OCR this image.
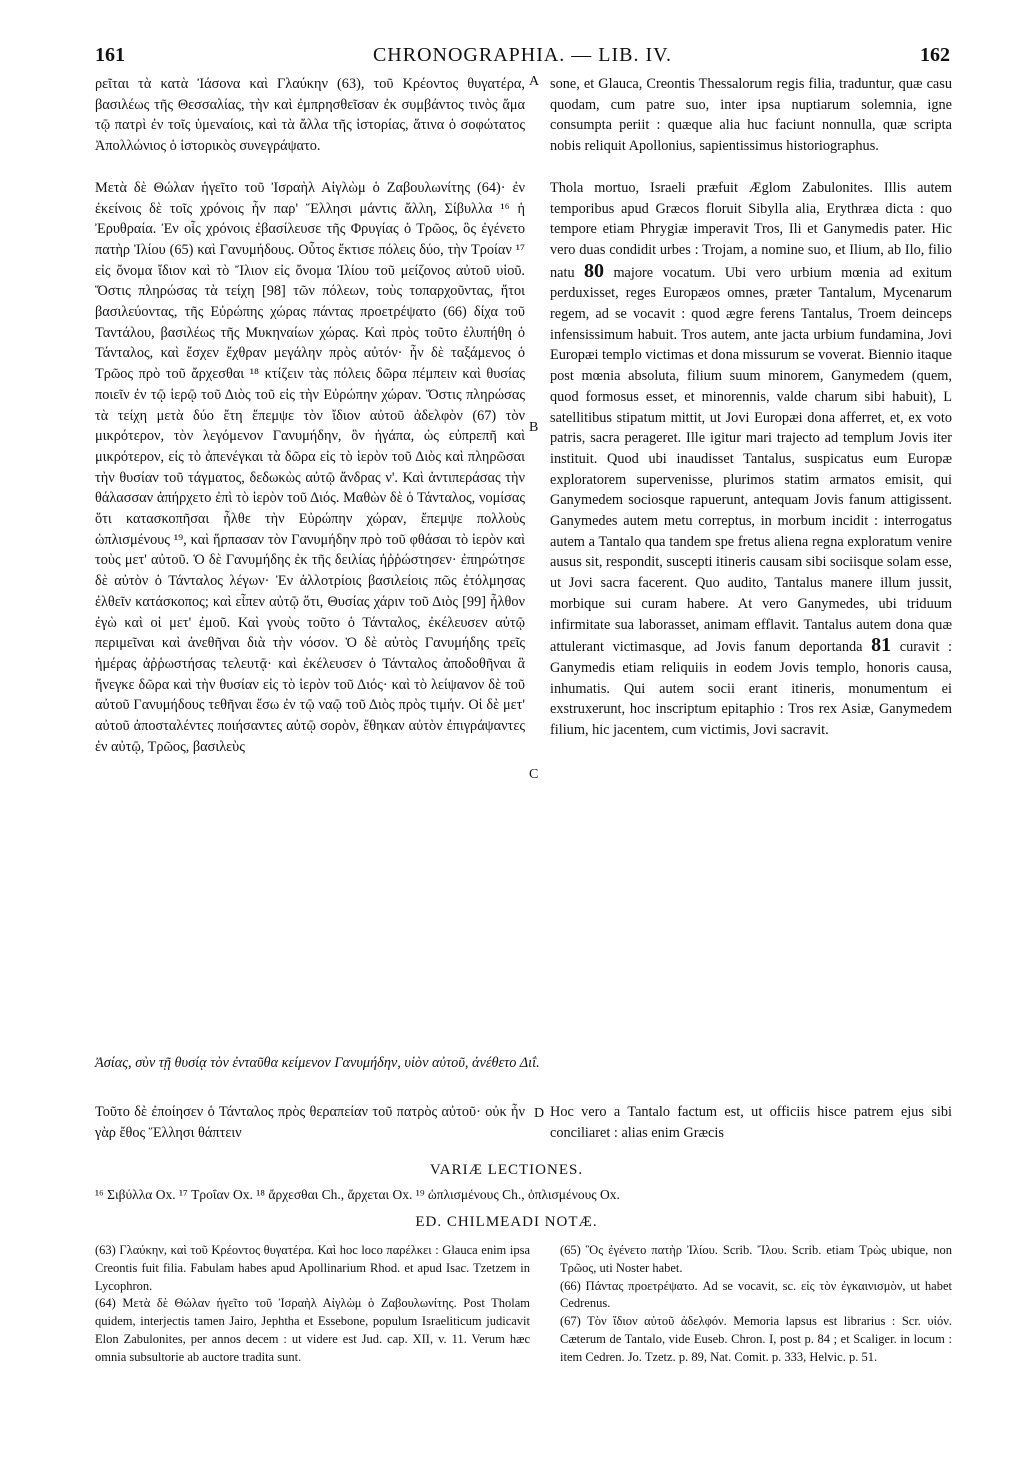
161	CHRONOGRAPHIA. — LIB. IV.	162
A
B
C
D

ρεῖται τὰ κατὰ Ἰάσονα καὶ Γλαύκην (63), τοῦ Κρέοντος θυγατέρα, βασιλέως τῆς Θεσσαλίας, τὴν καὶ ἐμπρησθεῖσαν ἐκ συμβάντος τινὸς ἅμα τῷ πατρὶ ἐν τοῖς ὑμεναίοις, καὶ τὰ ἄλλα τῆς ἱστορίας, ἅτινα ὁ σοφώτατος Ἀπολλώνιος ὁ ἱστορικὸς συνεγράψατο.

Μετὰ δὲ Θώλαν ἡγεῖτο τοῦ Ἰσραὴλ Αἰγλὼμ ὁ Ζαβουλωνίτης (64)· ἐν ἐκείνοις δὲ τοῖς χρόνοις ἦν παρ' Ἕλλησι μάντις ἄλλη, Σίβυλλα ¹⁶ ἡ Ἐρυθραία. Ἐν οἷς χρόνοις ἐβασίλευσε τῆς Φρυγίας ὁ Τρῶος, ὃς ἐγένετο πατὴρ Ἰλίου (65) καὶ Γανυμήδους. Οὗτος ἔκτισε πόλεις δύο, τὴν Τροίαν ¹⁷ εἰς ὄνομα ἴδιον καὶ τὸ Ἴλιον εἰς ὄνομα Ἰλίου τοῦ μείζονος αὐτοῦ υἱοῦ. Ὅστις πληρώσας τὰ τείχη [98] τῶν πόλεων, τοὺς τοπαρχοῦντας, ἤτοι βασιλεύοντας, τῆς Εὐρώπης χώρας πάντας προετρέψατο (66) δίχα τοῦ Ταντάλου, βασιλέως τῆς Μυκηναίων χώρας. Καὶ πρὸς τοῦτο ἐλυπήθη ὁ Τάνταλος, καὶ ἔσχεν ἔχθραν μεγάλην πρὸς αὐτόν· ἦν δὲ ταξάμενος ὁ Τρῶος πρὸ τοῦ ἄρχεσθαι ¹⁸ κτίζειν τὰς πόλεις δῶρα πέμπειν καὶ θυσίας ποιεῖν ἐν τῷ ἱερῷ τοῦ Διὸς τοῦ εἰς τὴν Εὐρώπην χώραν. Ὅστις πληρώσας τὰ τείχη μετὰ δύο ἔτη ἔπεμψε τὸν ἴδιον αὐτοῦ ἀδελφὸν (67) τὸν μικρότερον, τὸν λεγόμενον Γανυμήδην, ὃν ἠγάπα, ὡς εὐπρεπῆ καὶ μικρότερον, εἰς τὸ ἀπενέγκαι τὰ δῶρα εἰς τὸ ἱερὸν τοῦ Διὸς καὶ πληρῶσαι τὴν θυσίαν τοῦ τάγματος, δεδωκὼς αὐτῷ ἄνδρας ν'. Καὶ ἀντιπεράσας τὴν θάλασσαν ἀπήρχετο ἐπὶ τὸ ἱερὸν τοῦ Διός. Μαθὼν δὲ ὁ Τάνταλος, νομίσας ὅτι κατασκοπῆσαι ἦλθε τὴν Εὐρώπην χώραν, ἔπεμψε πολλοὺς ὡπλισμένους ¹⁹, καὶ ἥρπασαν τὸν Γανυμήδην πρὸ τοῦ φθάσαι τὸ ἱερὸν καὶ τοὺς μετ' αὐτοῦ. Ὁ δὲ Γανυμήδης ἐκ τῆς δειλίας ἠῤῥώστησεν· ἐπηρώτησε δὲ αὐτὸν ὁ Τάνταλος λέγων· Ἐν ἀλλοτρίοις βασιλείοις πῶς ἐτόλμησας ἐλθεῖν κατάσκοπος; καὶ εἶπεν αὐτῷ ὅτι, Θυσίας χάριν τοῦ Διὸς [99] ἦλθον ἐγὼ καὶ οἱ μετ' ἐμοῦ. Καὶ γνοὺς τοῦτο ὁ Τάνταλος, ἐκέλευσεν αὐτῷ περιμεῖναι καὶ ἀνεθῆναι διὰ τὴν νόσον. Ὁ δὲ αὐτὸς Γανυμήδης τρεῖς ἡμέρας ἀῤῥωστήσας τελευτᾷ· καὶ ἐκέλευσεν ὁ Τάνταλος ἀποδοθῆναι ἃ ἤνεγκε δῶρα καὶ τὴν θυσίαν εἰς τὸ ἱερὸν τοῦ Διός· καὶ τὸ λείψανον δὲ τοῦ αὐτοῦ Γανυμήδους τεθῆναι ἔσω ἐν τῷ ναῷ τοῦ Διὸς πρὸς τιμήν. Οἱ δὲ μετ' αὐτοῦ ἀποσταλέντες ποιήσαντες αὐτῷ σορὸν, ἔθηκαν αὐτὸν ἐπιγράψαντες ἐν αὐτῷ, Τρῶος, βασιλεὺς

sone, et Glauca, Creontis Thessalorum regis filia, traduntur, quæ casu quodam, cum patre suo, inter ipsa nuptiarum solemnia, igne consumpta periit : quæque alia huc faciunt nonnulla, quæ scripta nobis reliquit Apollonius, sapientissimus historiographus.

Thola mortuo, Israeli præfuit Æglom Zabulonites. Illis autem temporibus apud Græcos floruit Sibylla alia, Erythræa dicta : quo tempore etiam Phrygiæ imperavit Tros, Ili et Ganymedis pater. Hic vero duas condidit urbes : Trojam, a nomine suo, et Ilium, ab Ilo, filio natu 80 majore vocatum. Ubi vero urbium mœnia ad exitum perduxisset, reges Europæos omnes, præter Tantalum, Mycenarum regem, ad se vocavit : quod ægre ferens Tantalus, Troem deinceps infensissimum habuit. Tros autem, ante jacta urbium fundamina, Jovi Europæi templo victimas et dona missurum se voverat. Biennio itaque post mœnia absoluta, filium suum minorem, Ganymedem (quem, quod formosus esset, et minorennis, valde charum sibi habuit), L satellitibus stipatum mittit, ut Jovi Europæi dona afferret, et, ex voto patris, sacra perageret. Ille igitur mari trajecto ad templum Jovis iter instituit. Quod ubi inaudisset Tantalus, suspicatus eum Europæ exploratorem supervenisse, plurimos statim armatos emisit, qui Ganymedem sociosque rapuerunt, antequam Jovis fanum attigissent. Ganymedes autem metu correptus, in morbum incidit : interrogatus autem a Tantalo qua tandem spe fretus aliena regna exploratum venire ausus sit, respondit, suscepti itineris causam sibi sociisque solam esse, ut Jovi sacra facerent. Quo audito, Tantalus manere illum jussit, morbique sui curam habere. At vero Ganymedes, ubi triduum infirmitate sua laborasset, animam efflavit. Tantalus autem dona quæ attulerant victimasque, ad Jovis fanum deportanda 81 curavit : Ganymedis etiam reliquiis in eodem Jovis templo, honoris causa, inhumatis. Qui autem socii erant itineris, monumentum ei exstruxerunt, hoc inscriptum epitaphio : Tros rex Asiæ, Ganymedem filium, hic jacentem, cum victimis, Jovi sacravit.

Ἀσίας, σὺν τῇ θυσίᾳ τὸν ἐνταῦθα κείμενον Γανυμήδην, υἱὸν αὐτοῦ, ἀνέθετο Διΐ.
Τοῦτο δὲ ἐποίησεν ὁ Τάνταλος πρὸς θεραπείαν τοῦ πατρὸς αὐτοῦ· οὐκ ἦν γὰρ ἔθος Ἕλλησι θάπτειν
Hoc vero a Tantalo factum est, ut officiis hisce patrem ejus sibi conciliaret : alias enim Græcis
VARIÆ LECTIONES.
¹⁶ Σιβύλλα Ox. ¹⁷ Τροΐαν Ox. ¹⁸ ἄρχεσθαι Ch., ἄρχεται Ox. ¹⁹ ὡπλισμένους Ch., ὁπλισμένους Ox.
ED. CHILMEADI NOTÆ.

(63) Γλαύκην, καὶ τοῦ Κρέοντος θυγατέρα. Καὶ hoc loco παρέλκει : Glauca enim ipsa Creontis fuit filia. Fabulam habes apud Apollinarium Rhod. et apud Isac. Tzetzem in Lycophron.

(64) Μετὰ δὲ Θώλαν ἡγεῖτο τοῦ Ἰσραὴλ Αἰγλὼμ ὁ Ζαβουλωνίτης. Post Tholam quidem, interjectis tamen Jairo, Jephtha et Essebone, populum Israeliticum judicavit Elon Zabulonites, per annos decem : ut videre est Jud. cap. XII, v. 11. Verum hæc omnia subsultorie ab auctore tradita sunt.

(65) Ὃς ἐγένετο πατὴρ Ἰλίου. Scrib. Ἴλου. Scrib. etiam Τρὼς ubique, non Τρῶος, uti Noster habet.

(66) Πάντας προετρέψατο. Ad se vocavit, sc. εἰς τὸν ἐγκαινισμὸν, ut habet Cedrenus.

(67) Τὸν ἴδιον αὐτοῦ ἀδελφόν. Memoria lapsus est librarius : Scr. υἱόν. Cæterum de Tantalo, vide Euseb. Chron. I, post p. 84 ; et Scaliger. in locum : item Cedren. Jo. Tzetz. p. 89, Nat. Comit. p. 333, Helvic. p. 51.
